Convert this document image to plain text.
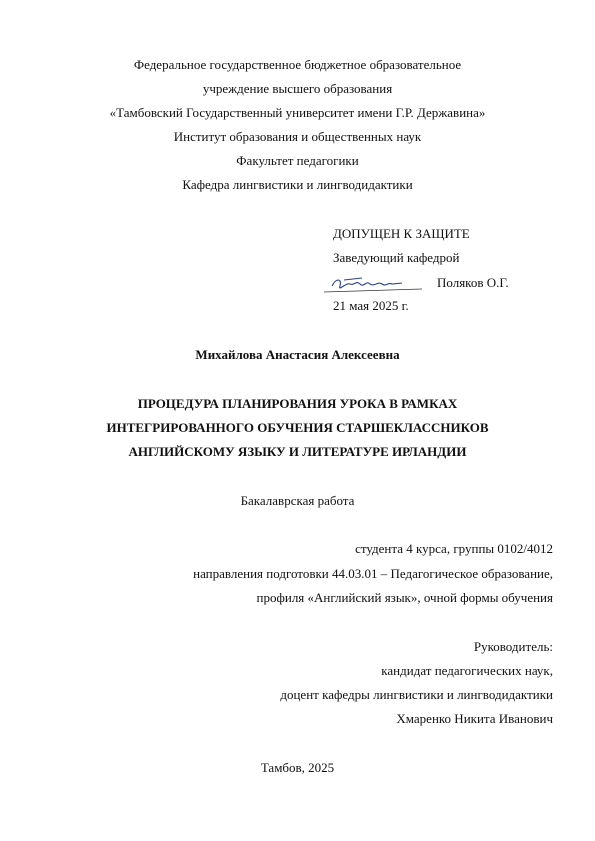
Федеральное государственное бюджетное образовательное
учреждение высшего образования
«Тамбовский Государственный университет имени Г.Р. Державина»
Институт образования и общественных наук
Факультет педагогики
Кафедра лингвистики и лингводидактики
ДОПУЩЕН К ЗАЩИТЕ
Заведующий кафедрой
Поляков О.Г.
21 мая 2025 г.
Михайлова Анастасия Алексеевна
ПРОЦЕДУРА ПЛАНИРОВАНИЯ УРОКА В РАМКАХ
ИНТЕГРИРОВАННОГО ОБУЧЕНИЯ СТАРШЕКЛАССНИКОВ
АНГЛИЙСКОМУ ЯЗЫКУ И ЛИТЕРАТУРЕ ИРЛАНДИИ
Бакалаврская работа
студента 4 курса, группы 0102/4012
направления подготовки 44.03.01 – Педагогическое образование,
профиля «Английский язык», очной формы обучения
Руководитель:
кандидат педагогических наук,
доцент кафедры лингвистики и лингводидактики
Хмаренко Никита Иванович
Тамбов, 2025
